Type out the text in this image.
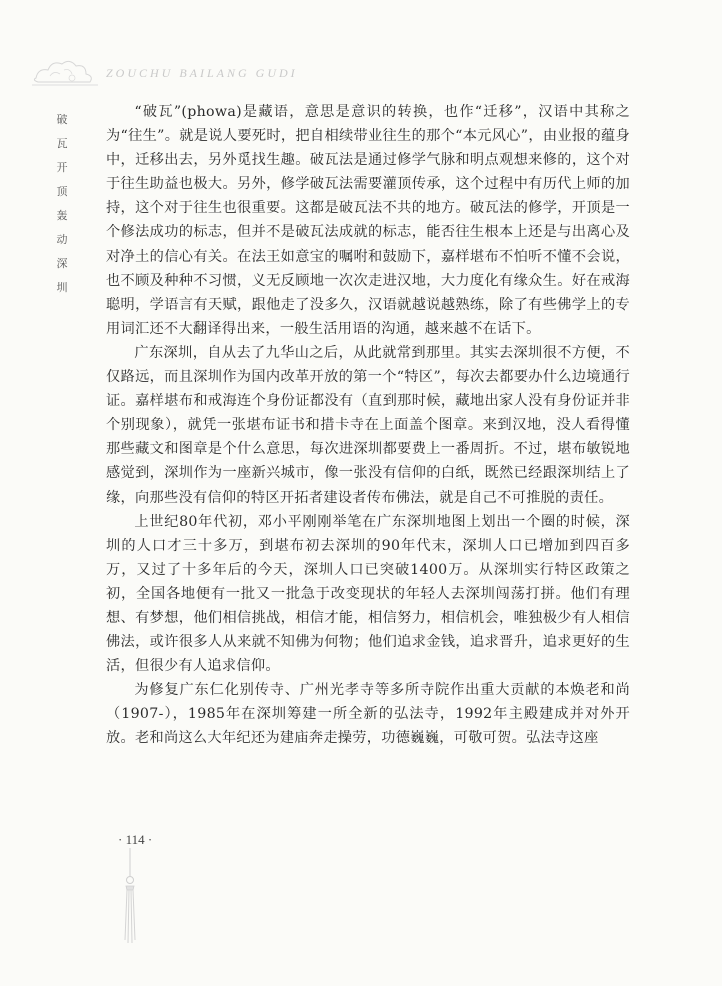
ZOUCHU BAILANG GUDI
破
瓦
开
顶
轰
动
深
圳

“破瓦”(phowa)是藏语，意思是意识的转换，也作“迁移”，汉语中其称之为“往生”。就是说人要死时，把自相续带业往生的那个“本元风心”，由业报的蕴身中，迁移出去，另外觅找生趣。破瓦法是通过修学气脉和明点观想来修的，这个对于往生助益也极大。另外，修学破瓦法需要灌顶传承，这个过程中有历代上师的加持，这个对于往生也很重要。这都是破瓦法不共的地方。破瓦法的修学，开顶是一个修法成功的标志，但并不是破瓦法成就的标志，能否往生根本上还是与出离心及对净土的信心有关。在法王如意宝的嘱咐和鼓励下，嘉样堪布不怕听不懂不会说，也不顾及种种不习惯，义无反顾地一次次走进汉地，大力度化有缘众生。好在戒海聪明，学语言有天赋，跟他走了没多久，汉语就越说越熟练，除了有些佛学上的专用词汇还不大翻译得出来，一般生活用语的沟通，越来越不在话下。

广东深圳，自从去了九华山之后，从此就常到那里。其实去深圳很不方便，不仅路远，而且深圳作为国内改革开放的第一个“特区”，每次去都要办什么边境通行证。嘉样堪布和戒海连个身份证都没有（直到那时候，藏地出家人没有身份证并非个别现象），就凭一张堪布证书和措卡寺在上面盖个图章。来到汉地，没人看得懂那些藏文和图章是个什么意思，每次进深圳都要费上一番周折。不过，堪布敏锐地感觉到，深圳作为一座新兴城市，像一张没有信仰的白纸，既然已经跟深圳结上了缘，向那些没有信仰的特区开拓者建设者传布佛法，就是自己不可推脱的责任。

上世纪80年代初，邓小平刚刚举笔在广东深圳地图上划出一个圈的时候，深圳的人口才三十多万，到堪布初去深圳的90年代末，深圳人口已增加到四百多万，又过了十多年后的今天，深圳人口已突破1400万。从深圳实行特区政策之初，全国各地便有一批又一批急于改变现状的年轻人去深圳闯荡打拼。他们有理想、有梦想，他们相信挑战，相信才能，相信努力，相信机会，唯独极少有人相信佛法，或许很多人从来就不知佛为何物；他们追求金钱，追求晋升，追求更好的生活，但很少有人追求信仰。

为修复广东仁化别传寺、广州光孝寺等多所寺院作出重大贡献的本焕老和尚（1907-），1985年在深圳筹建一所全新的弘法寺，1992年主殿建成并对外开放。老和尚这么大年纪还为建庙奔走操劳，功德巍巍，可敬可贺。弘法寺这座

· 114 ·
